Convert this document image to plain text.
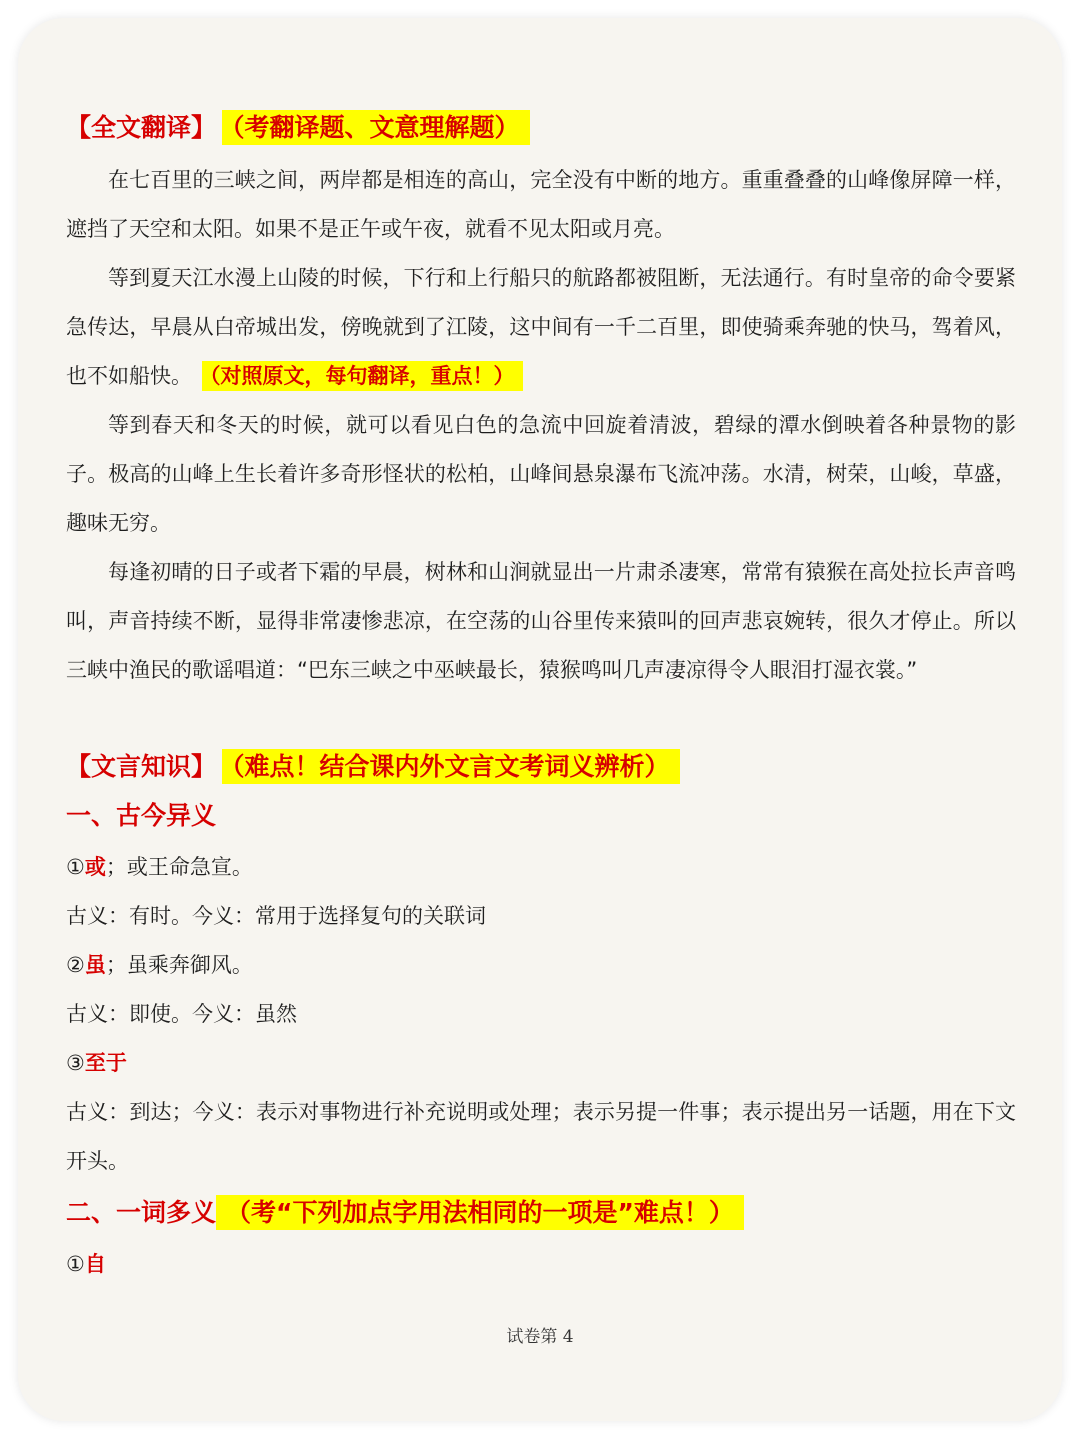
【全文翻译】 （考翻译题、文意理解题）

在七百里的三峡之间，两岸都是相连的高山，完全没有中断的地方。重重叠叠的山峰像屏障一样，遮挡了天空和太阳。如果不是正午或午夜，就看不见太阳或月亮。

等到夏天江水漫上山陵的时候，下行和上行船只的航路都被阻断，无法通行。有时皇帝的命令要紧急传达，早晨从白帝城出发，傍晚就到了江陵，这中间有一千二百里，即使骑乘奔驰的快马，驾着风，也不如船快。 （对照原文，每句翻译，重点！）

等到春天和冬天的时候，就可以看见白色的急流中回旋着清波，碧绿的潭水倒映着各种景物的影子。极高的山峰上生长着许多奇形怪状的松柏，山峰间悬泉瀑布飞流冲荡。水清，树荣，山峻，草盛，趣味无穷。

每逢初晴的日子或者下霜的早晨，树林和山涧就显出一片肃杀凄寒，常常有猿猴在高处拉长声音鸣叫，声音持续不断，显得非常凄惨悲凉，在空荡的山谷里传来猿叫的回声悲哀婉转，很久才停止。所以三峡中渔民的歌谣唱道：“巴东三峡之中巫峡最长，猿猴鸣叫几声凄凉得令人眼泪打湿衣裳。”

【文言知识】 （难点！结合课内外文言文考词义辨析）

一、古今异义

①或；或王命急宣。

古义：有时。今义：常用于选择复句的关联词

②虽；虽乘奔御风。

古义：即使。今义：虽然

③至于

古义：到达；今义：表示对事物进行补充说明或处理；表示另提一件事；表示提出另一话题，用在下文开头。

二、一词多义 （考“下列加点字用法相同的一项是”难点！）

①自

试卷第 4
